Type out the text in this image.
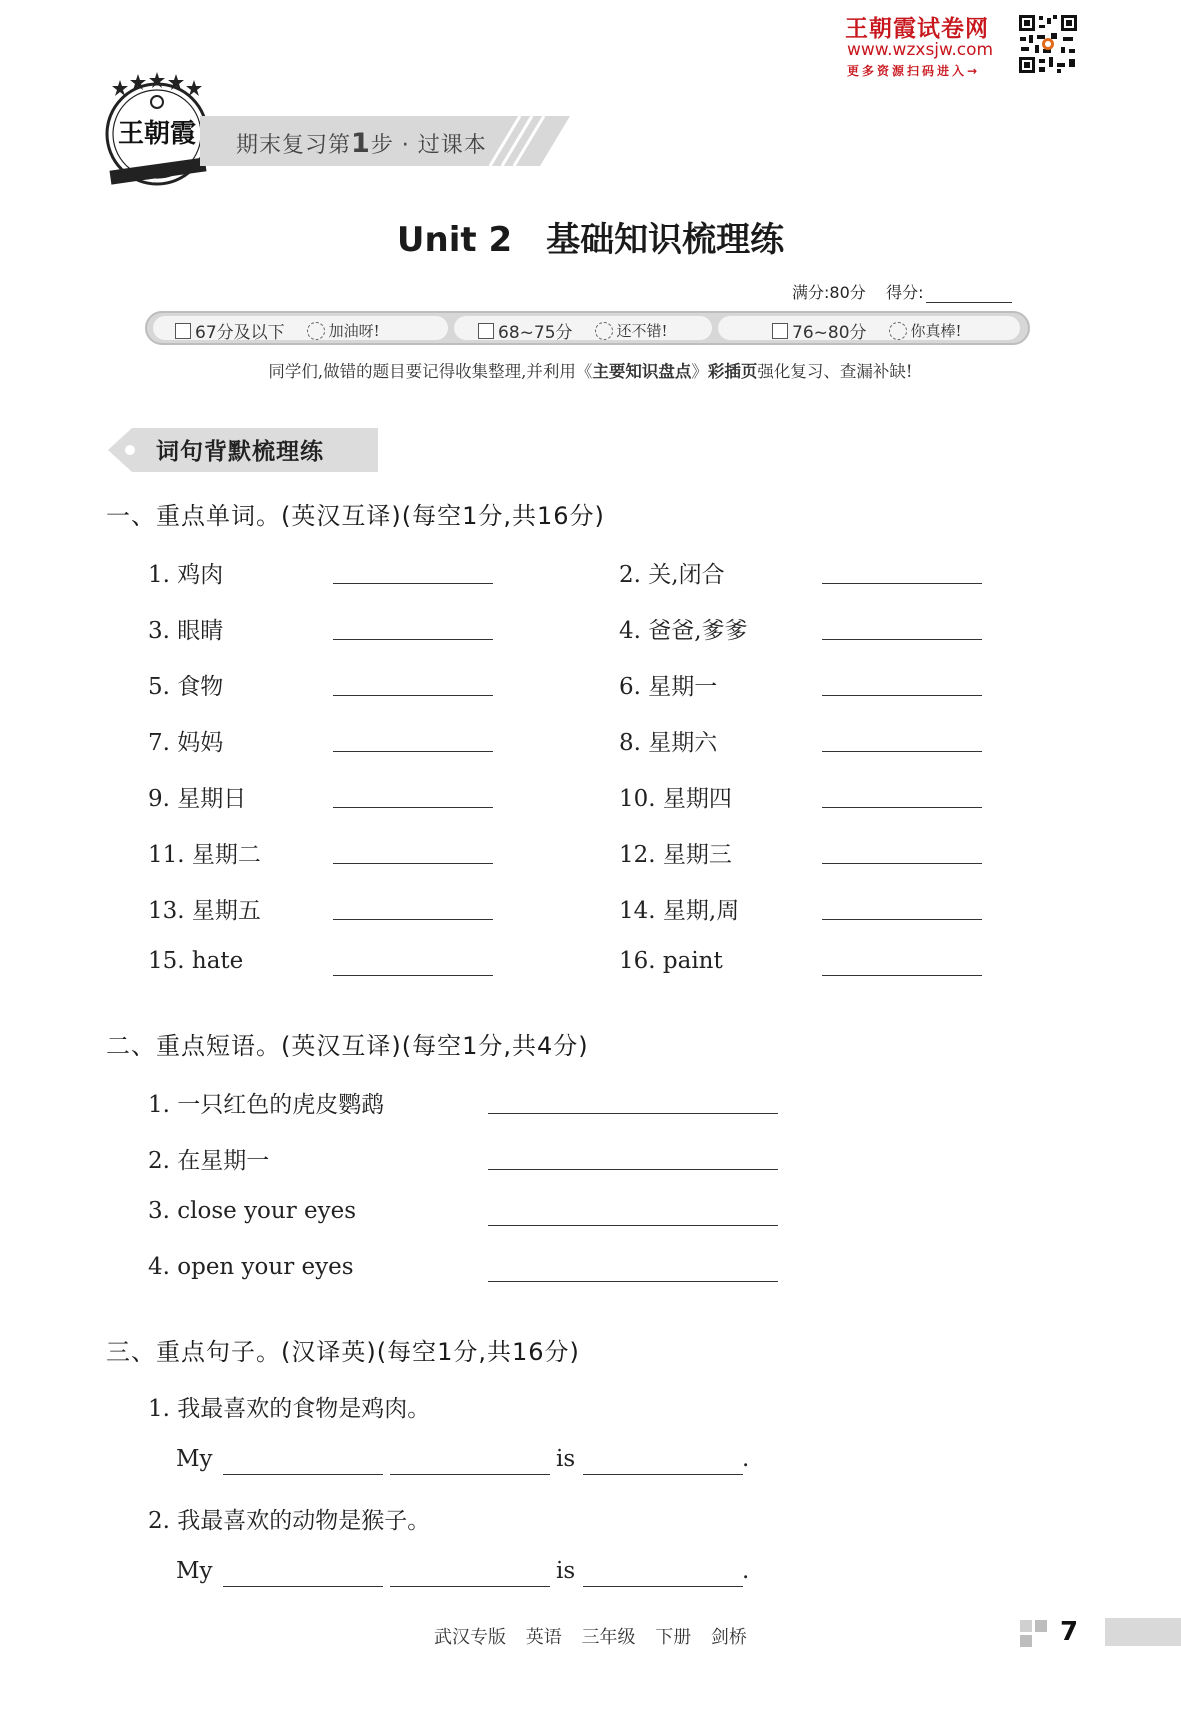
王朝霞试卷网
www.wzxsjw.com
更多资源扫码进入→
王朝霞 期末复习第1步 · 过课本
Unit 2　基础知识梳理练
满分:80分 得分:
67分及以下	加油呀!	68~75分	还不错!	76~80分	你真棒!
同学们,做错的题目要记得收集整理,并利用《主要知识盘点》彩插页强化复习、查漏补缺!
词句背默梳理练
一、重点单词。(英汉互译)(每空1分,共16分)
1. 鸡肉	2. 关,闭合
3. 眼睛	4. 爸爸,爹爹
5. 食物	6. 星期一
7. 妈妈	8. 星期六
9. 星期日	10. 星期四
11. 星期二	12. 星期三
13. 星期五	14. 星期,周
15. hate	16. paint
二、重点短语。(英汉互译)(每空1分,共4分)
1. 一只红色的虎皮鹦鹉
2. 在星期一
3. close your eyes
4. open your eyes
三、重点句子。(汉译英)(每空1分,共16分)
1. 我最喜欢的食物是鸡肉。
My	is	.
2. 我最喜欢的动物是猴子。
My	is	.
武汉专版 英语 三年级 下册 剑桥	7
